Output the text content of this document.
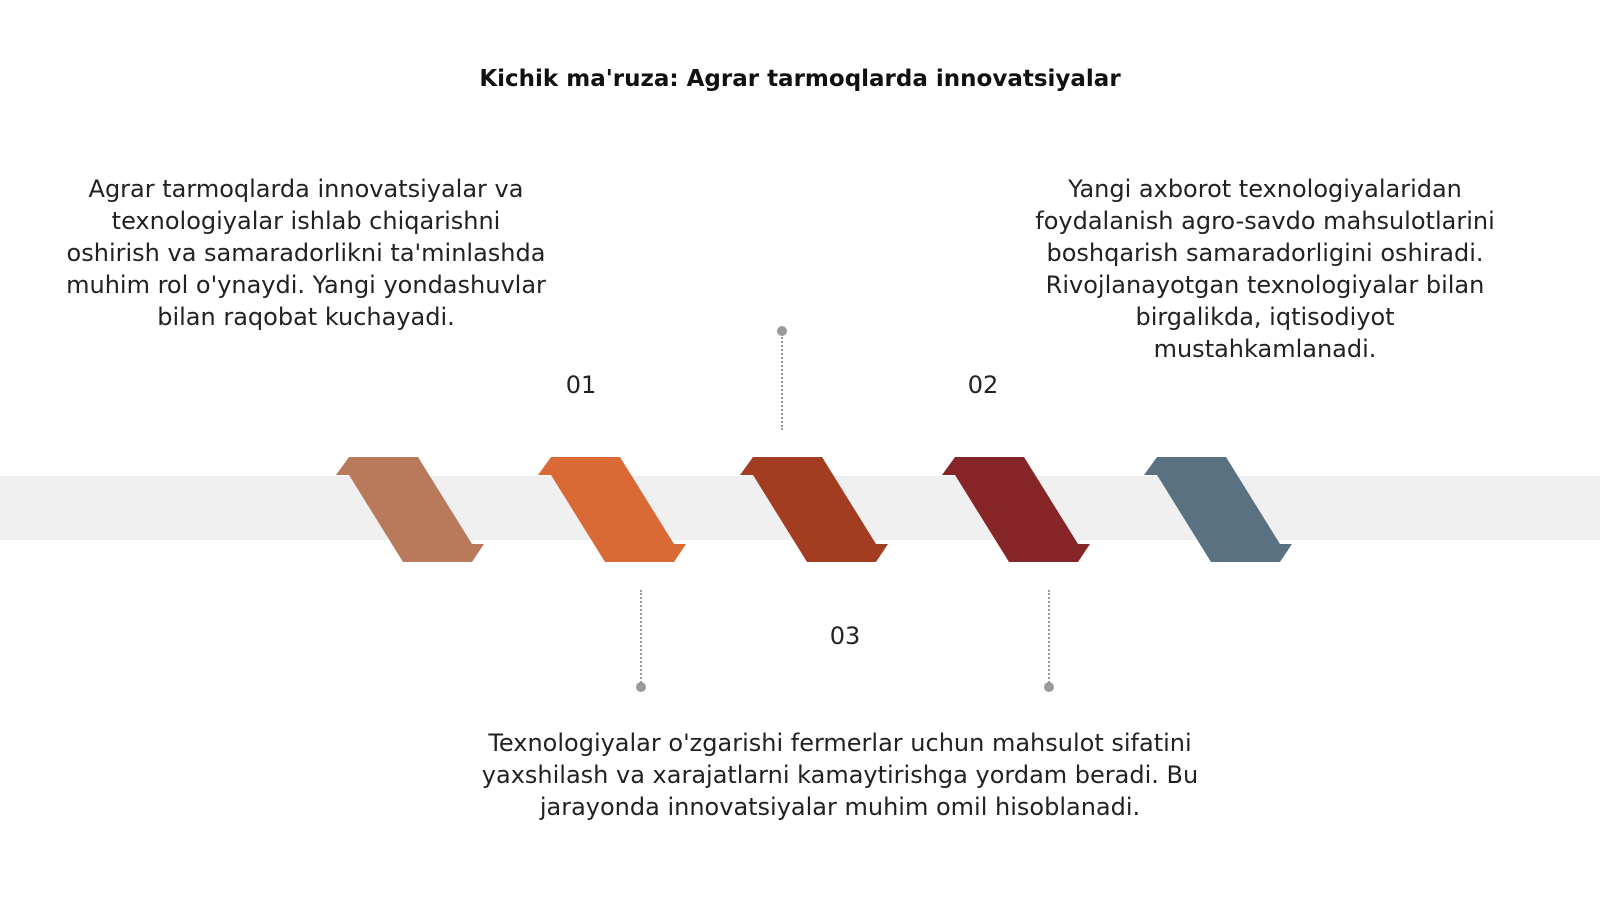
Kichik ma'ruza: Agrar tarmoqlarda innovatsiyalar
Agrar tarmoqlarda innovatsiyalar va texnologiyalar ishlab chiqarishni oshirish va samaradorlikni ta'minlashda muhim rol o'ynaydi. Yangi yondashuvlar bilan raqobat kuchayadi.
01
Yangi axborot texnologiyalaridan foydalanish agro-savdo mahsulotlarini boshqarish samaradorligini oshiradi. Rivojlanayotgan texnologiyalar bilan birgalikda, iqtisodiyot mustahkamlanadi.
02
03
Texnologiyalar o'zgarishi fermerlar uchun mahsulot sifatini yaxshilash va xarajatlarni kamaytirishga yordam beradi. Bu jarayonda innovatsiyalar muhim omil hisoblanadi.
